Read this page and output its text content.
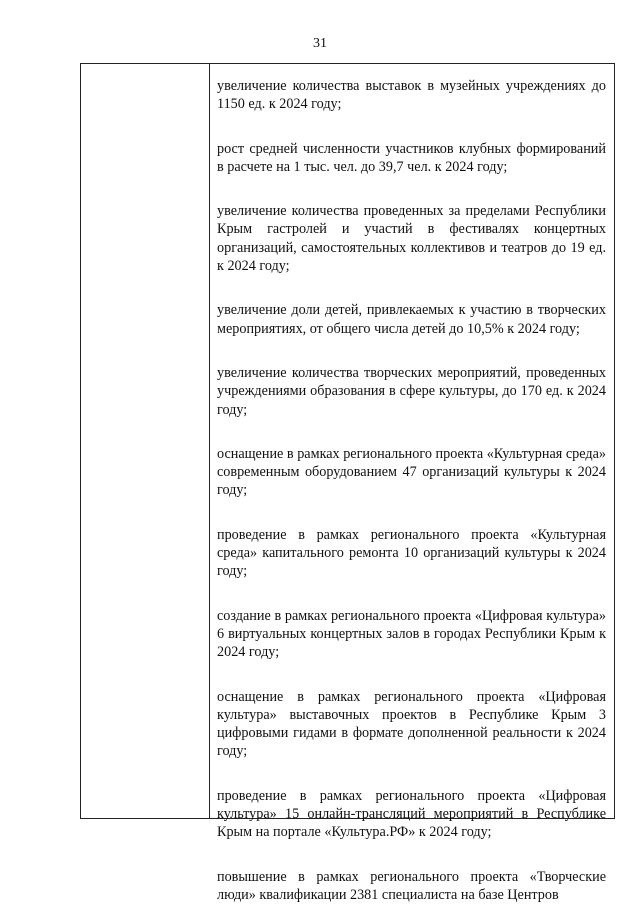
31

увеличение количества выставок в музейных учреждениях до 1150 ед. к 2024 году;

рост средней численности участников клубных формирований в расчете на 1 тыс. чел. до 39,7 чел. к 2024 году;

увеличение количества проведенных за пределами Республики Крым гастролей и участий в фестивалях концертных организаций, самостоятельных коллективов и театров до 19 ед. к 2024 году;

увеличение доли детей, привлекаемых к участию в творческих мероприятиях, от общего числа детей до 10,5% к 2024 году;

увеличение количества творческих мероприятий, проведенных учреждениями образования в сфере культуры, до 170 ед. к 2024 году;

оснащение в рамках регионального проекта «Культурная среда» современным оборудованием 47 организаций культуры к 2024 году;

проведение в рамках регионального проекта «Культурная среда» капитального ремонта 10 организаций культуры к 2024 году;

создание в рамках регионального проекта «Цифровая культура» 6 виртуальных концертных залов в городах Республики Крым к 2024 году;

оснащение в рамках регионального проекта «Цифровая культура» выставочных проектов в Республике Крым 3 цифровыми гидами в формате дополненной реальности к 2024 году;

проведение в рамках регионального проекта «Цифровая культура» 15 онлайн-трансляций мероприятий в Республике Крым на портале «Культура.РФ» к 2024 году;

повышение в рамках регионального проекта «Творческие люди» квалификации 2381 специалиста на базе Центров
